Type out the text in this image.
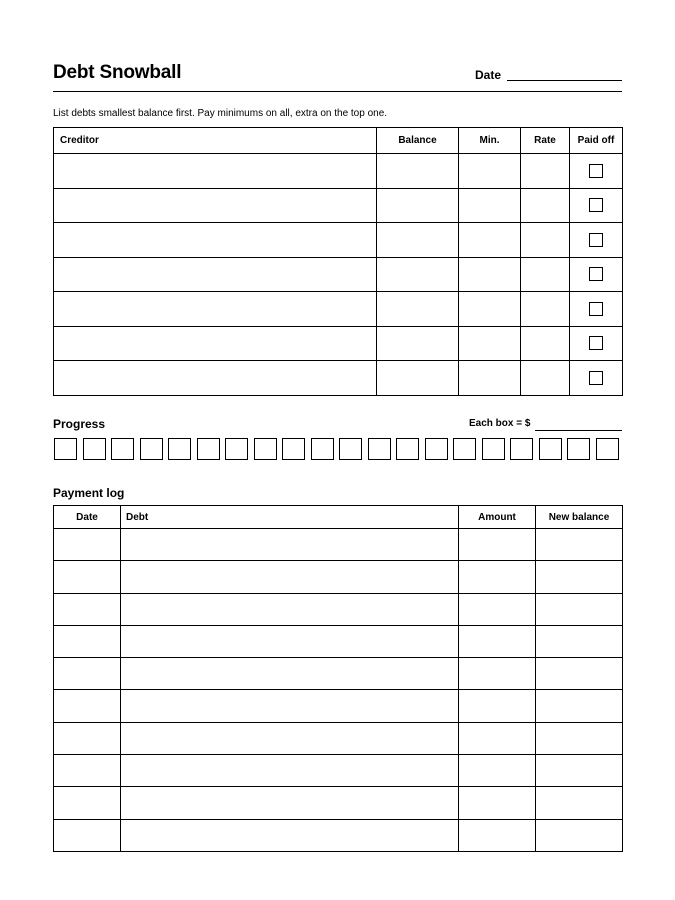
Debt Snowball	Date
List debts smallest balance first. Pay minimums on all, extra on the top one.
Creditor	Balance	Min.	Rate	Paid off

Progress	Each box = $
Payment log
Date	Debt	Amount	New balance
